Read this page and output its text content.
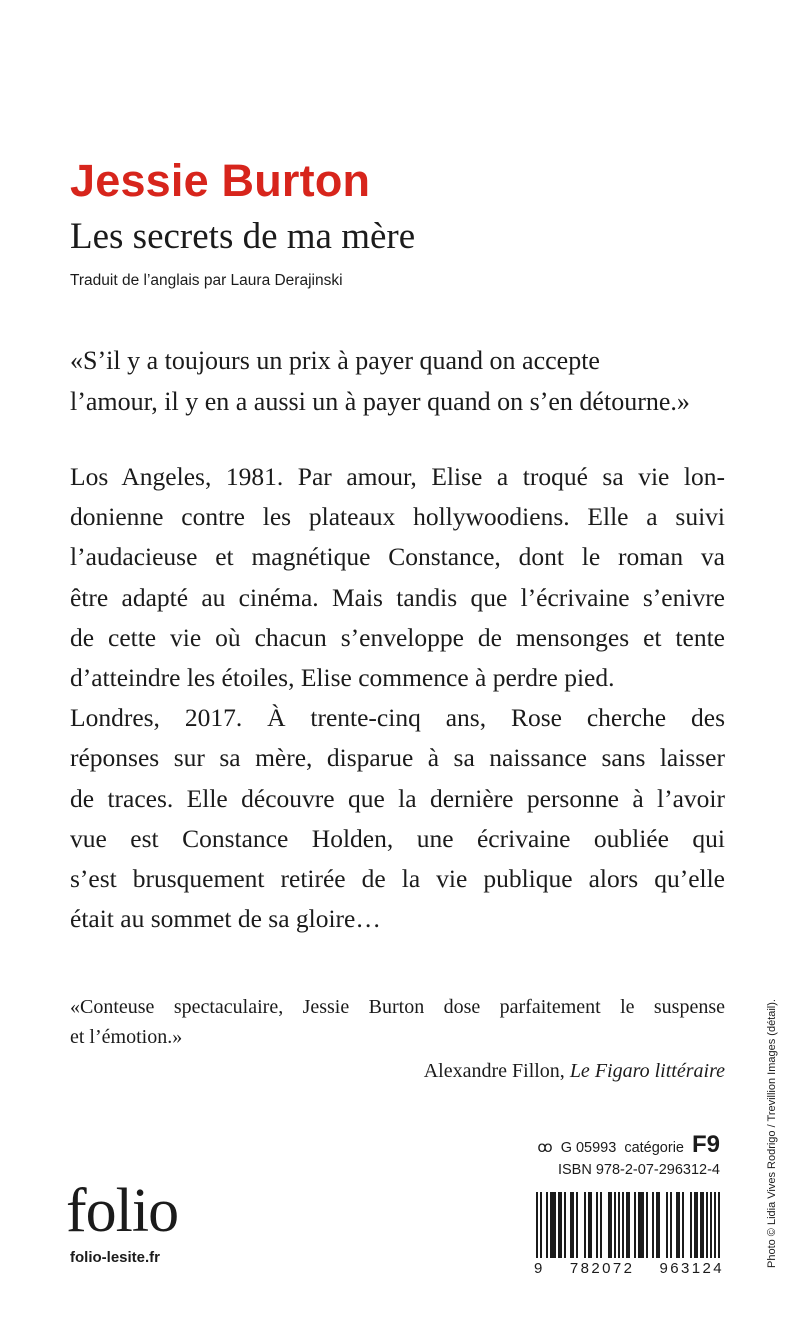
Jessie Burton
Les secrets de ma mère
Traduit de l’anglais par Laura Derajinski
«S’il y a toujours un prix à payer quand on accepte
l’amour, il y en a aussi un à payer quand on s’en détourne.»

Los Angeles, 1981. Par amour, Elise a troqué sa vie lon-

donienne contre les plateaux hollywoodiens. Elle a suivi

l’audacieuse et magnétique Constance, dont le roman va

être adapté au cinéma. Mais tandis que l’écrivaine s’enivre

de cette vie où chacun s’enveloppe de mensonges et tente

d’atteindre les étoiles, Elise commence à perdre pied.

Londres, 2017. À trente-cinq ans, Rose cherche des

réponses sur sa mère, disparue à sa naissance sans laisser

de traces. Elle découvre que la dernière personne à l’avoir

vue est Constance Holden, une écrivaine oubliée qui

s’est brusquement retirée de la vie publique alors qu’elle

était au sommet de sa gloire…

«Conteuse spectaculaire, Jessie Burton dose parfaitement le suspense

et l’émotion.»

Alexandre Fillon, Le Figaro littéraire

ꝏ G 05993 catégorie F9
ISBN 978-2-07-296312-4
9 782072 963124
folio
folio-lesite.fr	Photo © Lidia Vives Rodrigo / Trevillion Images (détail).
